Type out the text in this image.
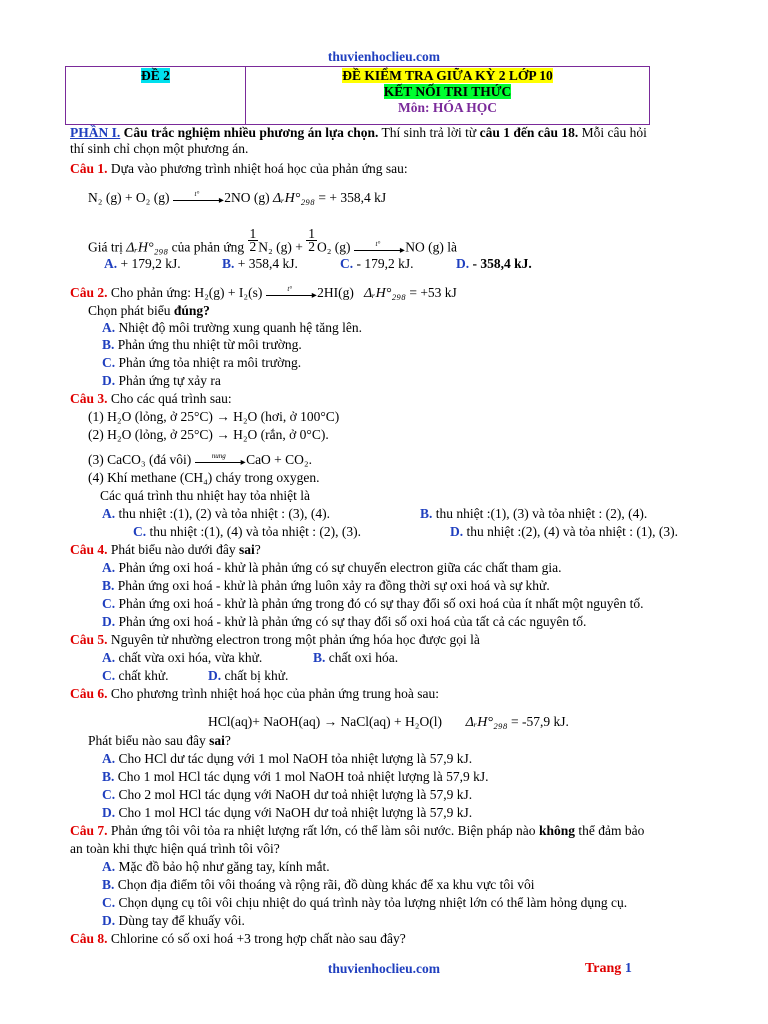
thuvienhoclieu.com
ĐỀ 2	ĐỀ KIỂM TRA GIỮA KỲ 2 LỚP 10
KẾT NỐI TRI THỨC
Môn: HÓA HỌC
PHẦN I. Câu trắc nghiệm nhiều phương án lựa chọn. Thí sinh trả lời từ câu 1 đến câu 18. Mỗi câu hỏi
thí sinh chỉ chọn một phương án.
Câu 1. Dựa vào phương trình nhiệt hoá học của phản ứng sau:
N₂ (g) + O₂ (g)	t°
▸ 2NO (g) ΔᵣH°₂₉₈ = + 358,4 kJ
Giá trị ΔᵣH°₂₉₈ của phản ứng $\frac{1}{2}N_2$ $(g) + \frac{1}{2}O_2$ (g)	t°
▸ NO (g) là
A. + 179,2 kJ.	B. + 358,4 kJ.	C. - 179,2 kJ.	D. - 358,4 kJ.
Câu 2. Cho phản ứng: H₂(g) + I₂(s)	t°
▸ 2HI(g) ΔᵣH°₂₉₈ = +53 kJ
Chọn phát biểu đúng?
A. Nhiệt độ môi trường xung quanh hệ tăng lên.
B. Phản ứng thu nhiệt từ môi trường.
C. Phản ứng tỏa nhiệt ra môi trường.
D. Phản ứng tự xảy ra
Câu 3. Cho các quá trình sau:
(1) H₂O (lỏng, ở 25°C) → H₂O (hơi, ở 100°C)
(2) H₂O (lỏng, ở 25°C) → H₂O (rắn, ở 0°C).
(3) CaCO₃ (đá vôi)	nung
▸ CaO + CO₂.
(4) Khí methane (CH₄) cháy trong oxygen.
Các quá trình thu nhiệt hay tỏa nhiệt là
A. thu nhiệt :(1), (2) và tỏa nhiệt : (3), (4).	B. thu nhiệt :(1), (3) và tỏa nhiệt : (2), (4).
C. thu nhiệt :(1), (4) và tỏa nhiệt : (2), (3).	D. thu nhiệt :(2), (4) và tỏa nhiệt : (1), (3).
Câu 4. Phát biểu nào dưới đây sai?
A. Phản ứng oxi hoá - khử là phản ứng có sự chuyển electron giữa các chất tham gia.
B. Phản ứng oxi hoá - khử là phản ứng luôn xảy ra đồng thời sự oxi hoá và sự khử.
C. Phản ứng oxi hoá - khử là phản ứng trong đó có sự thay đổi số oxi hoá của ít nhất một nguyên tố.
D. Phản ứng oxi hoá - khử là phản ứng có sự thay đổi số oxi hoá của tất cả các nguyên tố.
Câu 5. Nguyên tử nhường electron trong một phản ứng hóa học được gọi là
A. chất vừa oxi hóa, vừa khử.	B. chất oxi hóa.
C. chất khử.	D. chất bị khử.
Câu 6. Cho phương trình nhiệt hoá học của phản ứng trung hoà sau:
HCl(aq)+ NaOH(aq) → NaCl(aq) + H₂O(l) ΔᵣH°₂₉₈ = -57,9 kJ.
Phát biểu nào sau đây sai?
A. Cho HCl dư tác dụng với 1 mol NaOH tỏa nhiệt lượng là 57,9 kJ.
B. Cho 1 mol HCl tác dụng với 1 mol NaOH toả nhiệt lượng là 57,9 kJ.
C. Cho 2 mol HCl tác dụng với NaOH dư toả nhiệt lượng là 57,9 kJ.
D. Cho 1 mol HCl tác dụng với NaOH dư toả nhiệt lượng là 57,9 kJ.
Câu 7. Phản ứng tôi vôi tỏa ra nhiệt lượng rất lớn, có thể làm sôi nước. Biện pháp nào không thể đảm bảo
an toàn khi thực hiện quá trình tôi vôi?
A. Mặc đồ bảo hộ như găng tay, kính mắt.
B. Chọn địa điểm tôi vôi thoáng và rộng rãi, đồ dùng khác để xa khu vực tôi vôi
C. Chọn dụng cụ tôi vôi chịu nhiệt do quá trình này tỏa lượng nhiệt lớn có thể làm hỏng dụng cụ.
D. Dùng tay để khuấy vôi.
Câu 8. Chlorine có số oxi hoá +3 trong hợp chất nào sau đây?
thuvienhoclieu.com	Trang 1
